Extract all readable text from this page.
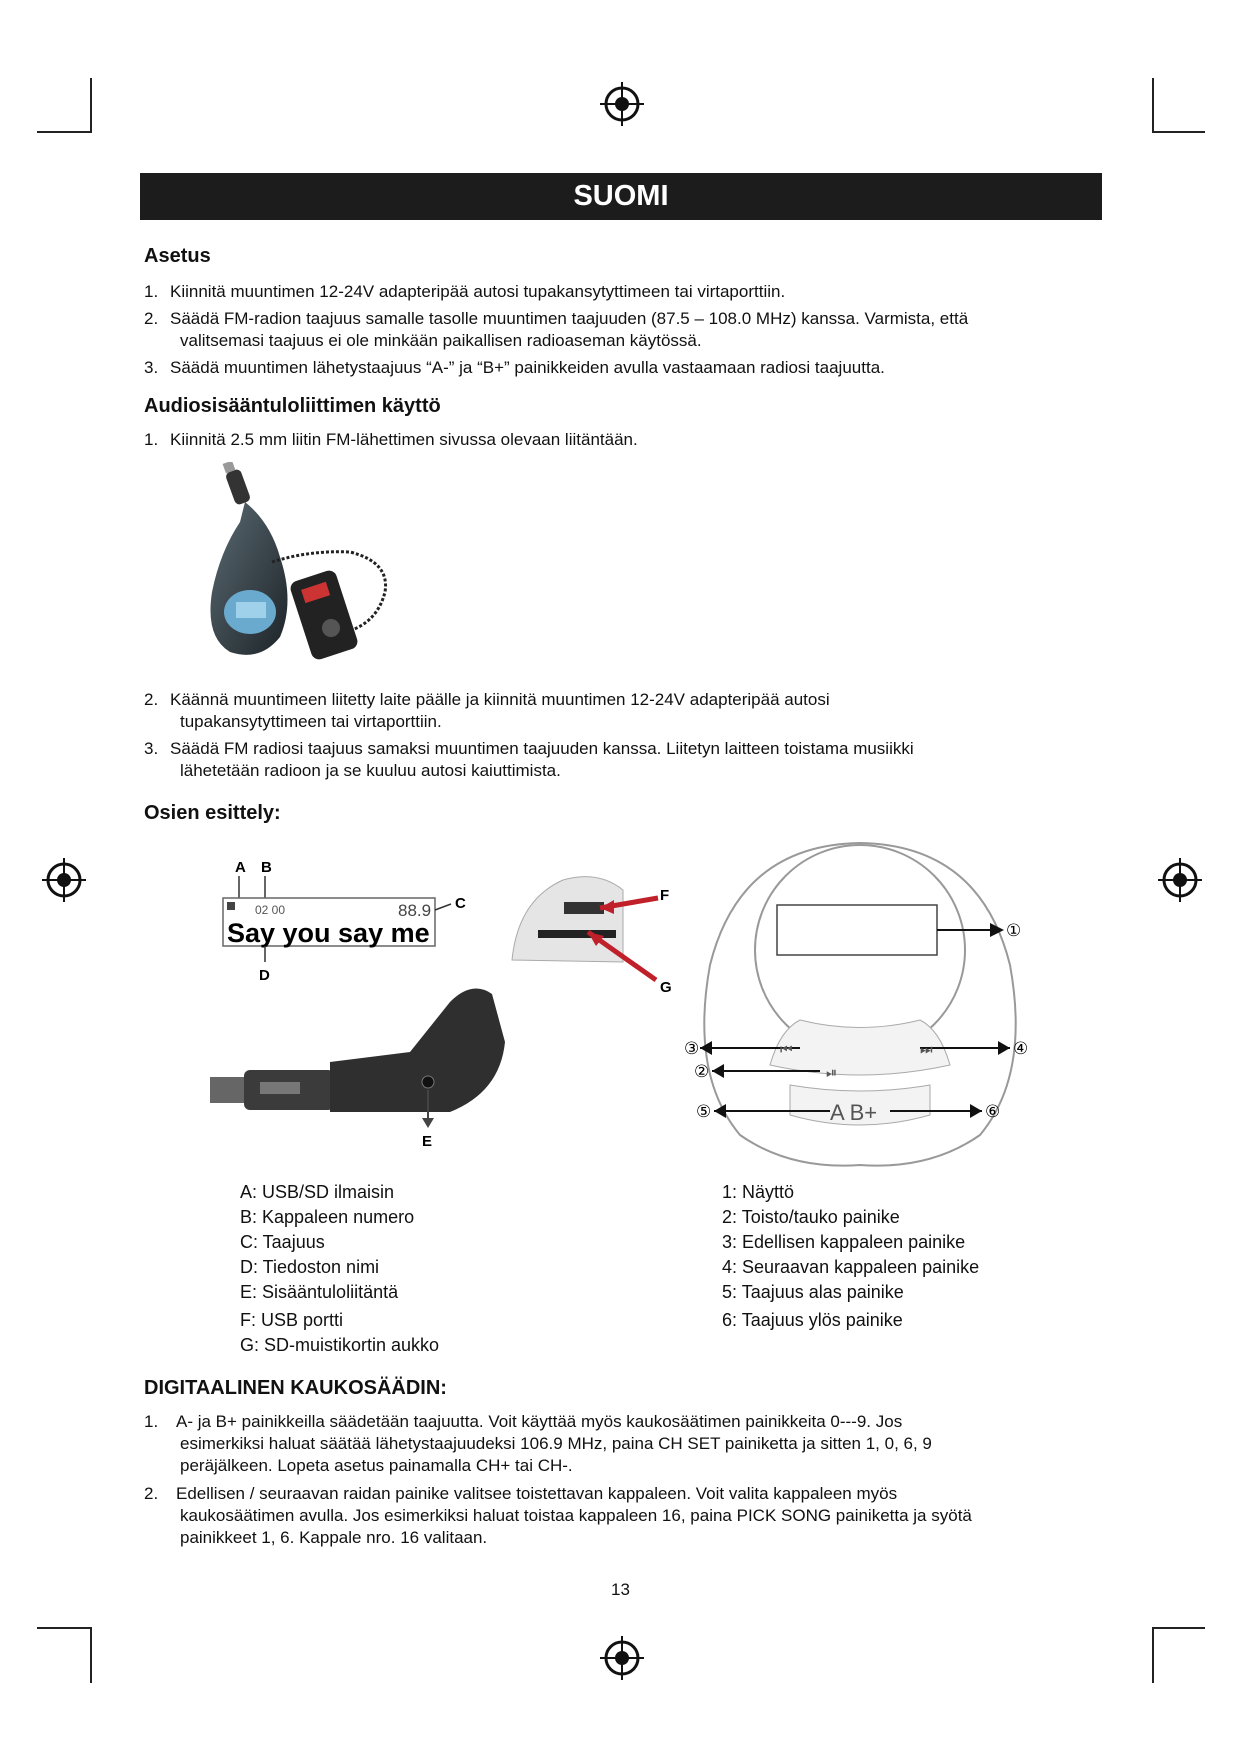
SUOMI
Asetus
1. Kiinnitä muuntimen 12-24V adapteripää autosi tupakansytyttimeen tai virtaporttiin.
2. Säädä FM-radion taajuus samalle tasolle muuntimen taajuuden (87.5 – 108.0 MHz) kanssa. Varmista, että
valitsemasi taajuus ei ole minkään paikallisen radioaseman käytössä.
3. Säädä muuntimen lähetystaajuus “A-” ja “B+” painikkeiden avulla vastaamaan radiosi taajuutta.
Audiosisääntuloliittimen käyttö
1. Kiinnitä 2.5 mm liitin FM-lähettimen sivussa olevaan liitäntään.
2. Käännä muuntimeen liitetty laite päälle ja kiinnitä muuntimen 12-24V adapteripää autosi
tupakansytyttimeen tai virtaporttiin.
3. Säädä FM radiosi taajuus samaksi muuntimen taajuuden kanssa. Liitetyn laitteen toistama musiikki
lähetetään radioon ja se kuuluu autosi kaiuttimista.
Osien esittely:
A B
02 00	88.9 C
Say you say me
D
F
G
E
①
③	⏮	④
⏭
②	⏯
⑤	A B+	⑥
A: USB/SD ilmaisin
B: Kappaleen numero
C: Taajuus
D: Tiedoston nimi
E: Sisääntuloliitäntä
F: USB portti
G: SD-muistikortin aukko
1: Näyttö
2: Toisto/tauko painike
3: Edellisen kappaleen painike
4: Seuraavan kappaleen painike
5: Taajuus alas painike
6: Taajuus ylös painike
DIGITAALINEN KAUKOSÄÄDIN:
1. A- ja B+ painikkeilla säädetään taajuutta. Voit käyttää myös kaukosäätimen painikkeita 0---9. Jos
esimerkiksi haluat säätää lähetystaajuudeksi 106.9 MHz, paina CH SET painiketta ja sitten 1, 0, 6, 9
peräjälkeen. Lopeta asetus painamalla CH+ tai CH-.
2. Edellisen / seuraavan raidan painike valitsee toistettavan kappaleen. Voit valita kappaleen myös
kaukosäätimen avulla. Jos esimerkiksi haluat toistaa kappaleen 16, paina PICK SONG painiketta ja syötä
painikkeet 1, 6. Kappale nro. 16 valitaan.
13
